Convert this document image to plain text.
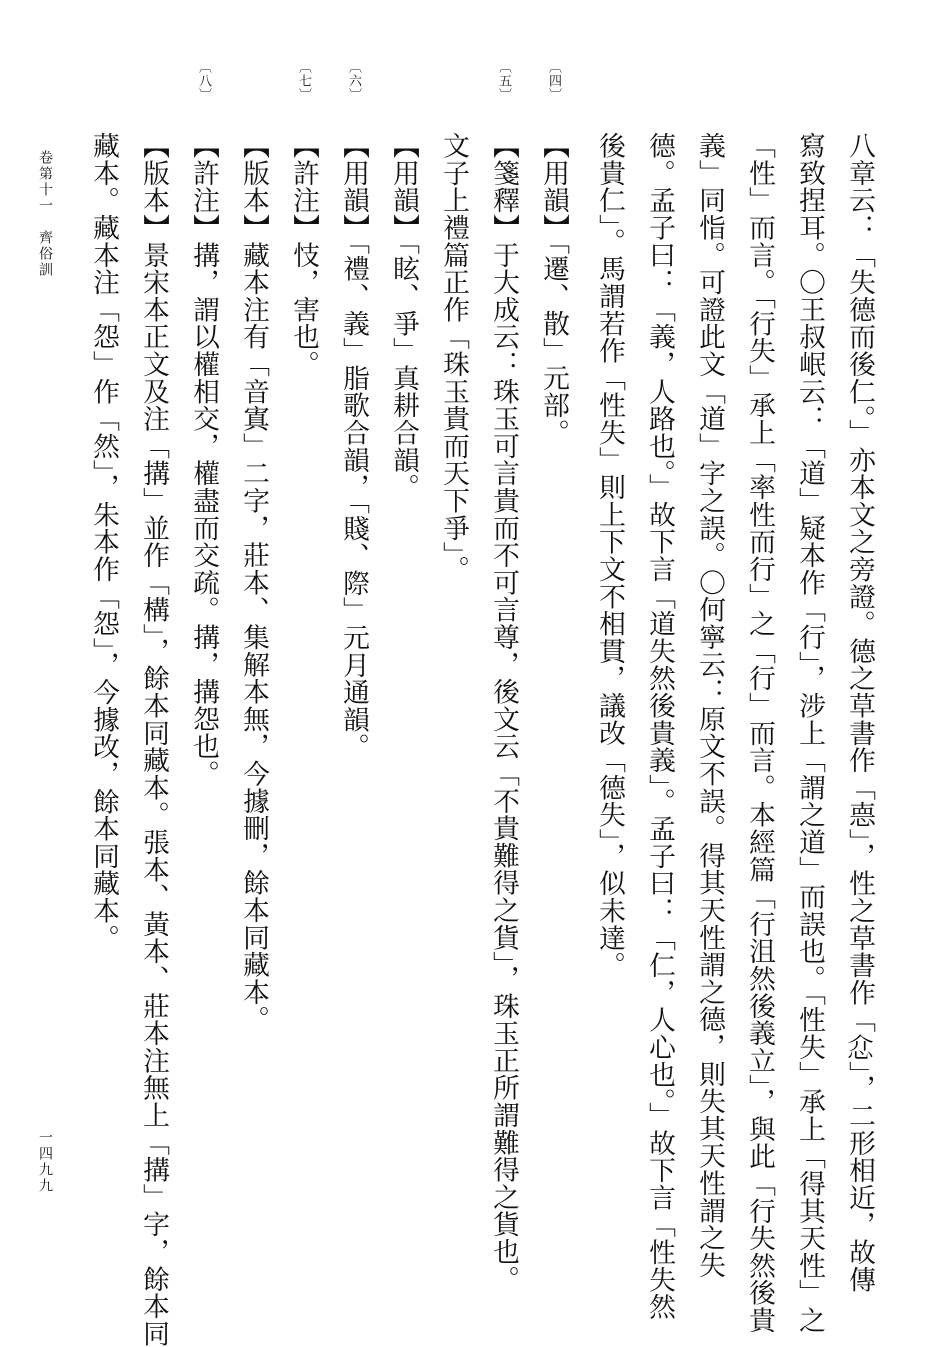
八章云：「失德而後仁。」亦本文之旁證。德之草書作「𢛳」，性之草書作「𢗊」，二形相近，故傳
寫致捏耳。〇王叔岷云：「道」疑本作「行」，涉上「謂之道」而誤也。「性失」承上「得其天性」之
「性」而言。「行失」承上「率性而行」之「行」而言。本經篇「行沮然後義立」，與此「行失然後貴
義」同恉。可證此文「道」字之誤。〇何寧云：原文不誤。得其天性謂之德，則失其天性謂之失
德。孟子曰：「義，人路也。」故下言「道失然後貴義」。孟子曰：「仁，人心也。」故下言「性失然
後貴仁」。馬謂若作「性失」則上下文不相貫，議改「德失」，似未達。
〔四〕
【用韻】「遷、散」元部。
〔五〕
【箋釋】于大成云：珠玉可言貴而不可言尊，後文云「不貴難得之貨」，珠玉正所謂難得之貨也。
文子上禮篇正作「珠玉貴而天下爭」。
【用韻】「眩、爭」真耕合韻。
〔六〕
【用韻】「禮、義」脂歌合韻，「賤、際」元月通韻。
〔七〕
【許注】忮，害也。
【版本】藏本注有「音寘」二字，莊本、集解本無，今據刪，餘本同藏本。
〔八〕
【許注】搆，謂以權相交，權盡而交疏。搆，搆怨也。
【版本】景宋本正文及注「搆」並作「構」，餘本同藏本。張本、黃本、莊本注無上「搆」字，餘本同
藏本。藏本注「怨」作「然」，朱本作「怨」，今據改，餘本同藏本。
卷第十一　齊俗訓
一四九九
